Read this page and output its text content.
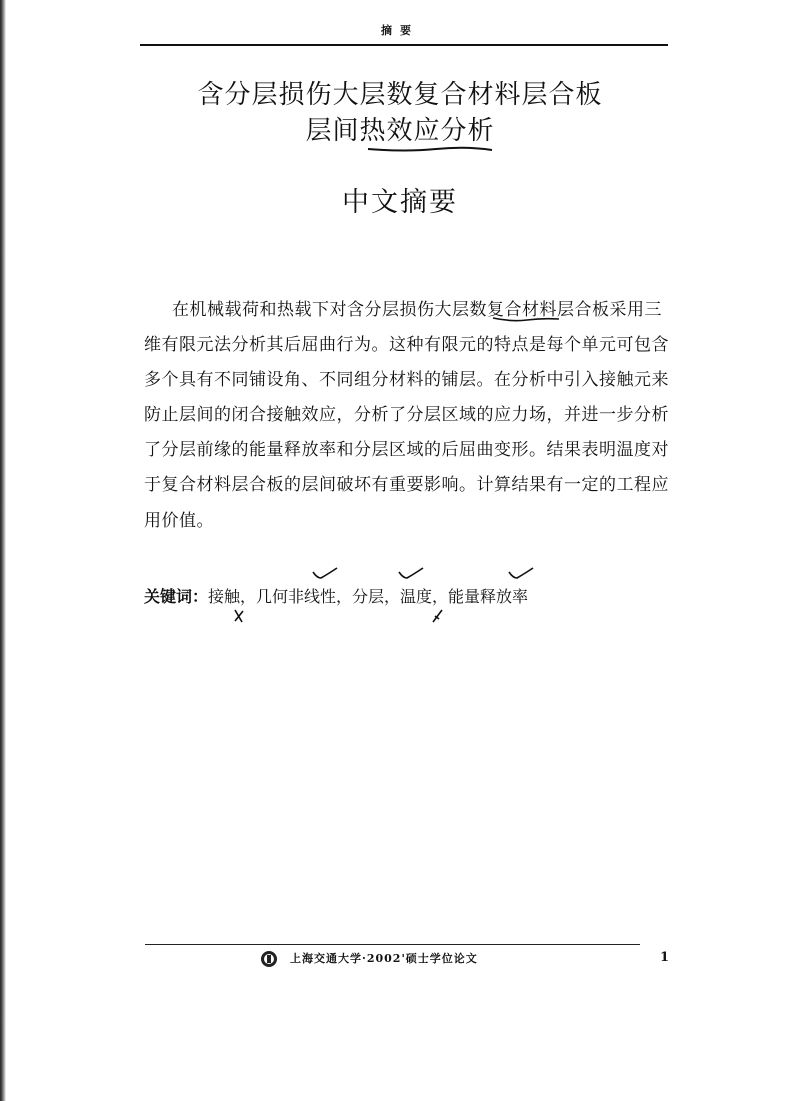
摘要
含分层损伤大层数复合材料层合板
层间热效应分析
中文摘要
在机械载荷和热载下对含分层损伤大层数复合材料层合板采用三
维有限元法分析其后屈曲行为。这种有限元的特点是每个单元可包含
多个具有不同铺设角、不同组分材料的铺层。在分析中引入接触元来
防止层间的闭合接触效应，分析了分层区域的应力场，并进一步分析
了分层前缘的能量释放率和分层区域的后屈曲变形。结果表明温度对
于复合材料层合板的层间破坏有重要影响。计算结果有一定的工程应
用价值。
关键词：接触，几何非线性，分层，温度，能量释放率
上海交通大学·2002'硕士学位论文	1
